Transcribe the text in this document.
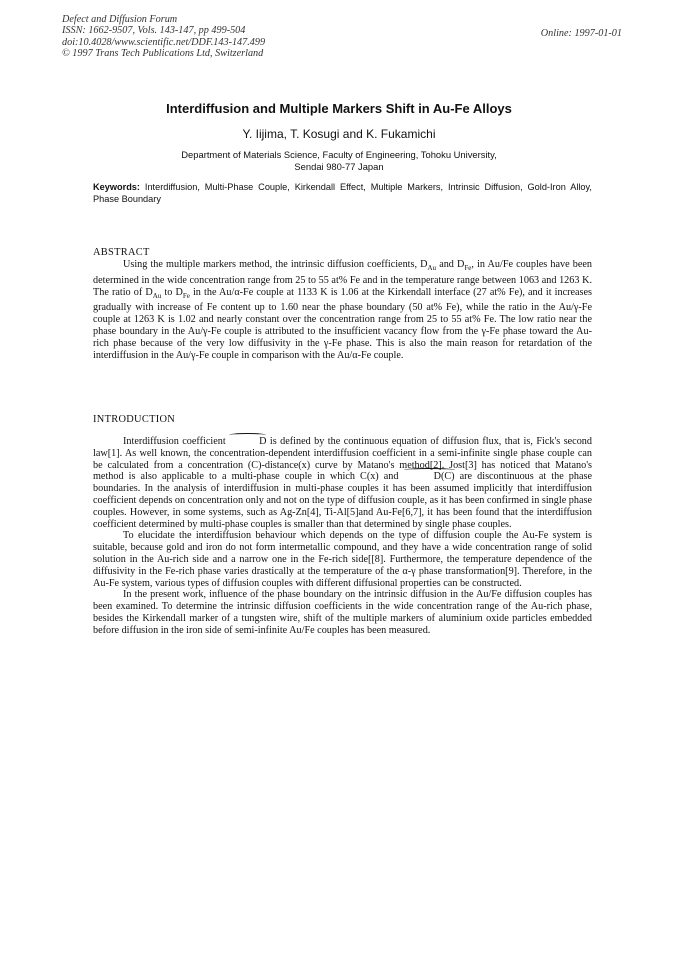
Defect and Diffusion Forum
ISSN: 1662-9507, Vols. 143-147, pp 499-504
doi:10.4028/www.scientific.net/DDF.143-147.499
© 1997 Trans Tech Publications Ltd, Switzerland
Online: 1997-01-01
Interdiffusion and Multiple Markers Shift in Au-Fe Alloys
Y. Iijima, T. Kosugi and K. Fukamichi
Department of Materials Science, Faculty of Engineering, Tohoku University,
Sendai 980-77 Japan
Keywords: Interdiffusion, Multi-Phase Couple, Kirkendall Effect, Multiple Markers, Intrinsic Diffusion, Gold-Iron Alloy, Phase Boundary
ABSTRACT

Using the multiple markers method, the intrinsic diffusion coefficients, $D_{Au}$ and $D_{Fe}$, in Au/Fe couples have been determined in the wide concentration range from 25 to 55 at% Fe and in the temperature range between 1063 and 1263 K. The ratio of $D_{Au}$ to $D_{Fe}$ in the Au/α-Fe couple at 1133 K is 1.06 at the Kirkendall interface (27 at% Fe), and it increases gradually with increase of Fe content up to 1.60 near the phase boundary (50 at% Fe), while the ratio in the Au/γ-Fe couple at 1263 K is 1.02 and nearly constant over the concentration range from 25 to 55 at% Fe. The low ratio near the phase boundary in the Au/γ-Fe couple is attributed to the insufficient vacancy flow from the γ-Fe phase toward the Au-rich phase because of the very low diffusivity in the γ-Fe phase. This is also the main reason for retardation of the interdiffusion in the Au/γ-Fe couple in comparison with the Au/α-Fe couple.

INTRODUCTION

Interdiffusion coefficient	D is defined by the continuous equation of diffusion flux, that is, Fick's second law[1]. As well known, the concentration-dependent interdiffusion coefficient in a semi-infinite single phase couple can be calculated from a concentration (C)-distance(x) curve by Matano's method[2]. Jost[3] has noticed that Matano's method is also applicable to a multi-phase couple in which C(x) and	D(C) are discontinuous at the phase boundaries. In the analysis of interdiffusion in multi-phase couples it has been assumed implicitly that interdiffusion coefficient depends on concentration only and not on the type of diffusion couple, as it has been confirmed in single phase couples. However, in some systems, such as Ag-Zn[4], Ti-Al[5]and Au-Fe[6,7], it has been found that the interdiffusion coefficient determined by multi-phase couples is smaller than that determined by single phase couples.

To elucidate the interdiffusion behaviour which depends on the type of diffusion couple the Au-Fe system is suitable, because gold and iron do not form intermetallic compound, and they have a wide concentration range of solid solution in the Au-rich side and a narrow one in the Fe-rich side[[8]. Furthermore, the temperature dependence of the diffusivity in the Fe-rich phase varies drastically at the temperature of the α-γ phase transformation[9]. Therefore, in the Au-Fe system, various types of diffusion couples with different diffusional properties can be constructed.

In the present work, influence of the phase boundary on the intrinsic diffusion in the Au/Fe diffusion couples has been examined. To determine the intrinsic diffusion coefficients in the wide concentration range of the Au-rich phase, besides the Kirkendall marker of a tungsten wire, shift of the multiple markers of aluminium oxide particles embedded before diffusion in the iron side of semi-infinite Au/Fe couples has been measured.
